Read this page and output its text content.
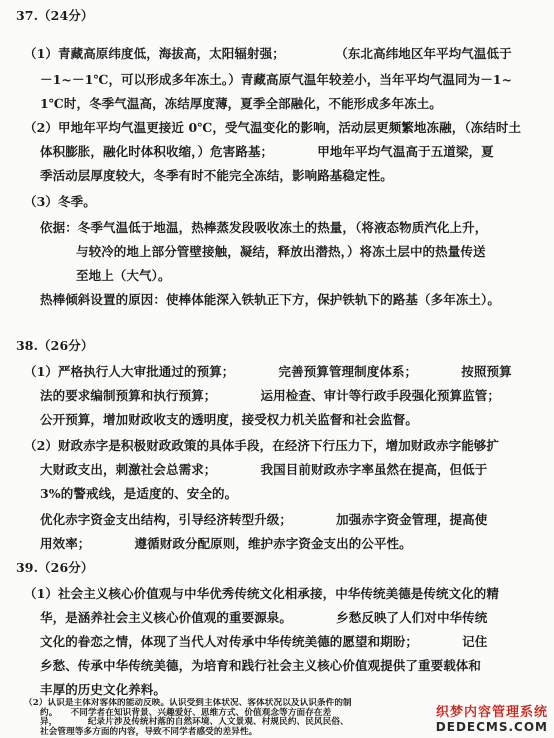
37.（24分）
（1）青藏高原纬度低，海拔高，太阳辐射强；　　　　　（东北高纬地区年平均气温低于
－1~－1℃，可以形成多年冻土。）青藏高原气温年较差小，当年平均气温同为－1~
1℃时，冬季气温高，冻结厚度薄，夏季全部融化，不能形成多年冻土。
（2）甲地年平均气温更接近 0℃，受气温变化的影响，活动层更频繁地冻融，（冻结时土
体积膨胀，融化时体积收缩，）危害路基；　　　　甲地年平均气温高于五道梁，夏
季活动层厚度较大，冬季有时不能完全冻结，影响路基稳定性。
（3）冬季。
依据：冬季气温低于地温，热棒蒸发段吸收冻土的热量，（将液态物质汽化上升，
与较冷的地上部分管壁接触，凝结，释放出潜热，）将冻土层中的热量传送
至地上（大气）。
热棒倾斜设置的原因：使棒体能深入铁轨正下方，保护铁轨下的路基（多年冻土）。
38.（26分）
（1）严格执行人大审批通过的预算；　　　　完善预算管理制度体系；　　　　按照预算
法的要求编制预算和执行预算；　　　　运用检查、审计等行政手段强化预算监管；
公开预算，增加财政收支的透明度，接受权力机关监督和社会监督。
（2）财政赤字是积极财政政策的具体手段，在经济下行压力下，增加财政赤字能够扩
大财政支出，刺激社会总需求；　　　　我国目前财政赤字率虽然在提高，但低于
3%的警戒线，是适度的、安全的。
优化赤字资金支出结构，引导经济转型升级；　　　　加强赤字资金管理，提高使
用效率；　　　　遵循财政分配原则，维护赤字资金支出的公平性。
39.（26分）
（1）社会主义核心价值观与中华优秀传统文化相承接，中华传统美德是传统文化的精
华，是涵养社会主义核心价值观的重要源泉。　　　　乡愁反映了人们对中华传统
文化的眷恋之情，体现了当代人对传承中华传统美德的愿望和期盼；　　　　记住
乡愁、传承中华传统美德，为培育和践行社会主义核心价值观提供了重要载体和
丰厚的历史文化养料。
织梦内容管理系统
DEDECMS.COM
（2）认识是主体对客体的能动反映。认识受到主体状况、客体状况以及认识条件的制
约。　　不同学者在知识背景、兴趣爱好、思维方式、价值观念等方面存在差
异，　　　　纪录片涉及传统村落的自然环境、人文景观、村规民约、民风民俗、
社会管理等多方面的内容，导致不同学者感受的差异性。
